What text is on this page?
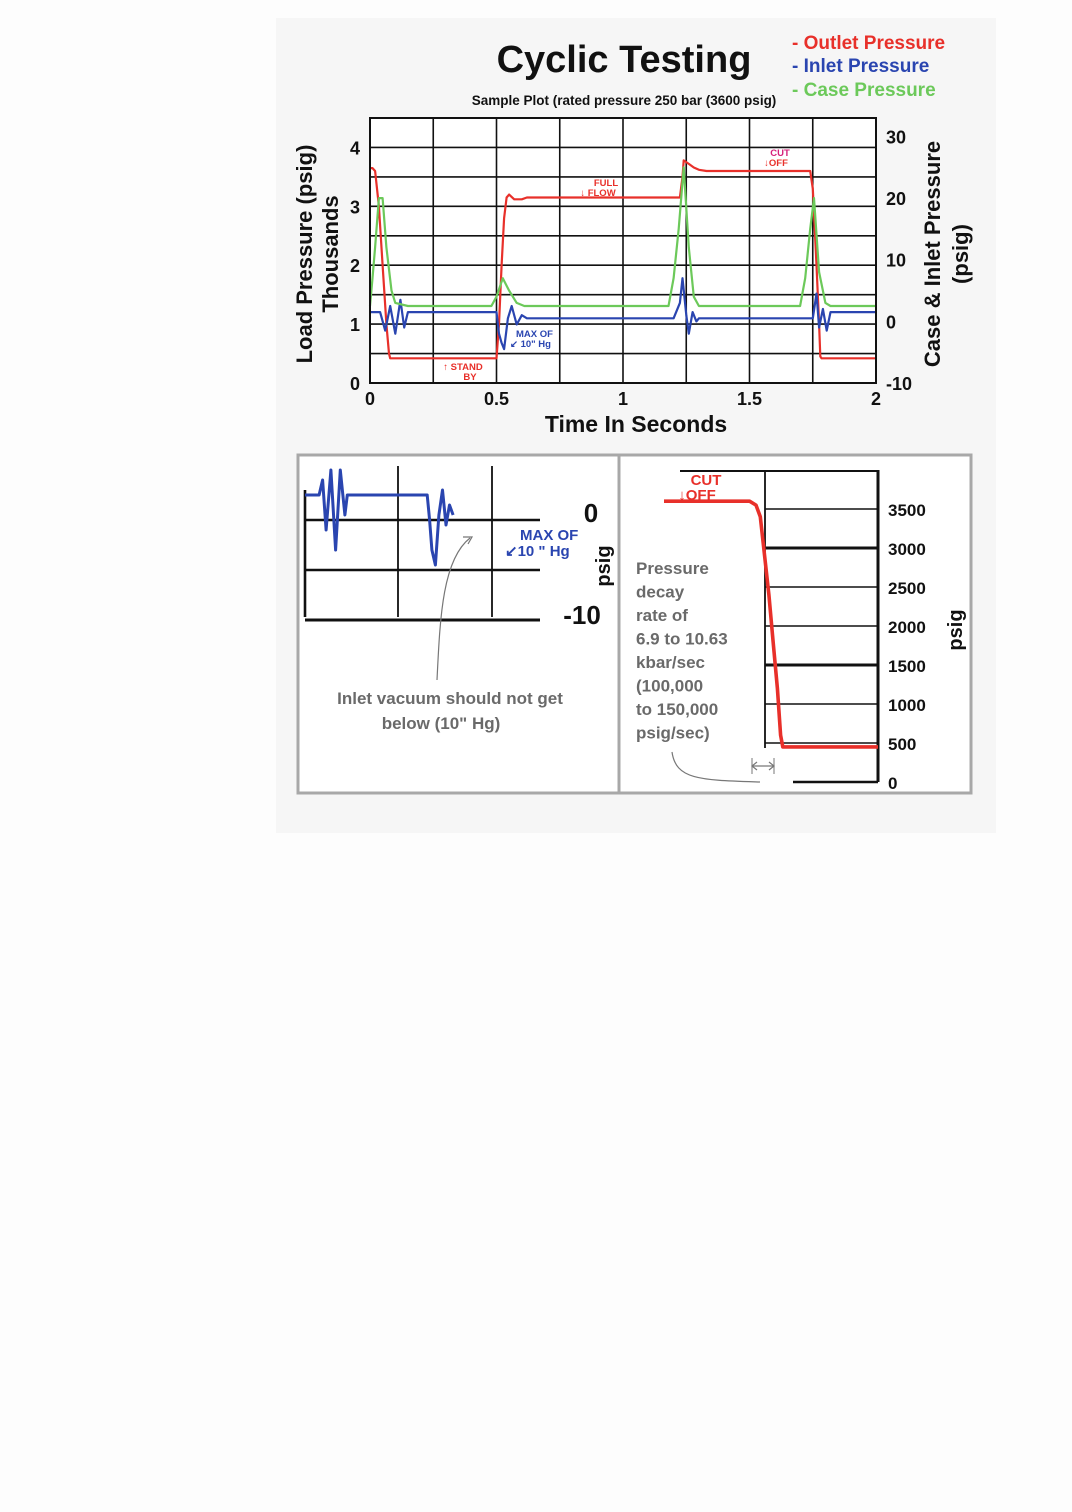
Cyclic Testing
Sample Plot (rated pressure 250 bar (3600 psig)
- Outlet Pressure
- Inlet Pressure
- Case Pressure
0	0.5	1	1.5	2
0
1
2
3
4
-10
0
10
20
30
Load Pressure (psig) Thousands	Case & Inlet Pressure (psig)
Time In Seconds
↑ STAND
BY
FULL
↓ FLOW
CUT
↓OFF
MAX OF
↙ 10" Hg
0
-10
psig
MAX OF
↙10 " Hg
Inlet vacuum should not get
below (10" Hg)
0
500
1000
1500
2000
2500
3000
3500
CUT
↓OFF
psig
Pressure
decay
rate of
6.9 to 10.63
kbar/sec
(100,000
to 150,000
psig/sec)
